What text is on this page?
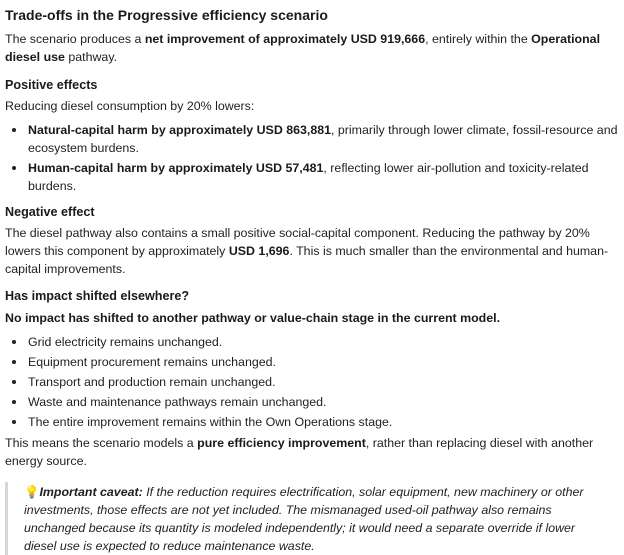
Trade-offs in the Progressive efficiency scenario

The scenario produces a net improvement of approximately USD 919,666, entirely within the Operational diesel use pathway.

Positive effects

Reducing diesel consumption by 20% lowers:

Natural-capital harm by approximately USD 863,881, primarily through lower climate, fossil-resource and ecosystem burdens.
Human-capital harm by approximately USD 57,481, reflecting lower air-pollution and toxicity-related burdens.
Negative effect

The diesel pathway also contains a small positive social-capital component. Reducing the pathway by 20% lowers this component by approximately USD 1,696. This is much smaller than the environmental and human-capital improvements.

Has impact shifted elsewhere?

No impact has shifted to another pathway or value-chain stage in the current model.

Grid electricity remains unchanged.
Equipment procurement remains unchanged.
Transport and production remain unchanged.
Waste and maintenance pathways remain unchanged.
The entire improvement remains within the Own Operations stage.

This means the scenario models a pure efficiency improvement, rather than replacing diesel with another energy source.

💡 Important caveat: If the reduction requires electrification, solar equipment, new machinery or other investments, those effects are not yet included. The mismanaged used-oil pathway also remains unchanged because its quantity is modeled independently; it would need a separate override if lower diesel use is expected to reduce maintenance waste.
